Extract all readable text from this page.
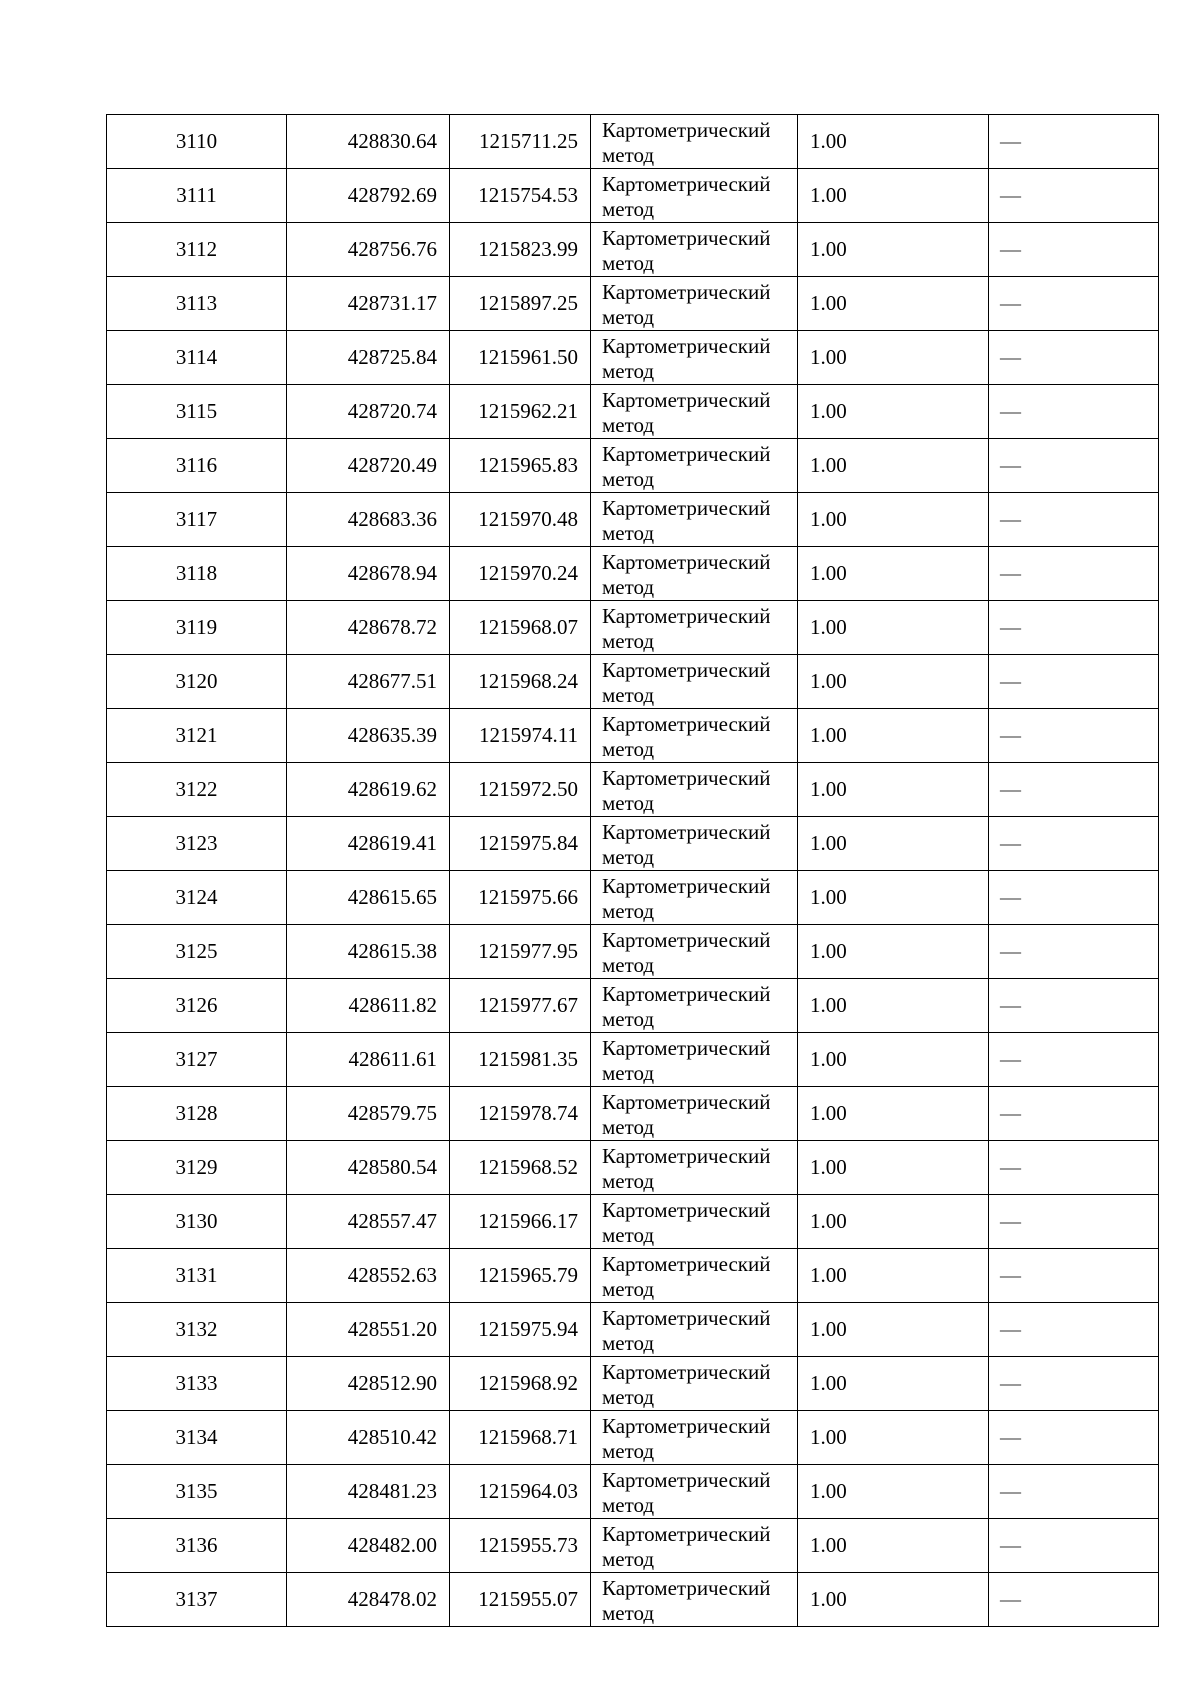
3110	428830.64	1215711.25	Картометрический метод	1.00	—
3111	428792.69	1215754.53	Картометрический метод	1.00	—
3112	428756.76	1215823.99	Картометрический метод	1.00	—
3113	428731.17	1215897.25	Картометрический метод	1.00	—
3114	428725.84	1215961.50	Картометрический метод	1.00	—
3115	428720.74	1215962.21	Картометрический метод	1.00	—
3116	428720.49	1215965.83	Картометрический метод	1.00	—
3117	428683.36	1215970.48	Картометрический метод	1.00	—
3118	428678.94	1215970.24	Картометрический метод	1.00	—
3119	428678.72	1215968.07	Картометрический метод	1.00	—
3120	428677.51	1215968.24	Картометрический метод	1.00	—
3121	428635.39	1215974.11	Картометрический метод	1.00	—
3122	428619.62	1215972.50	Картометрический метод	1.00	—
3123	428619.41	1215975.84	Картометрический метод	1.00	—
3124	428615.65	1215975.66	Картометрический метод	1.00	—
3125	428615.38	1215977.95	Картометрический метод	1.00	—
3126	428611.82	1215977.67	Картометрический метод	1.00	—
3127	428611.61	1215981.35	Картометрический метод	1.00	—
3128	428579.75	1215978.74	Картометрический метод	1.00	—
3129	428580.54	1215968.52	Картометрический метод	1.00	—
3130	428557.47	1215966.17	Картометрический метод	1.00	—
3131	428552.63	1215965.79	Картометрический метод	1.00	—
3132	428551.20	1215975.94	Картометрический метод	1.00	—
3133	428512.90	1215968.92	Картометрический метод	1.00	—
3134	428510.42	1215968.71	Картометрический метод	1.00	—
3135	428481.23	1215964.03	Картометрический метод	1.00	—
3136	428482.00	1215955.73	Картометрический метод	1.00	—
3137	428478.02	1215955.07	Картометрический метод	1.00	—
